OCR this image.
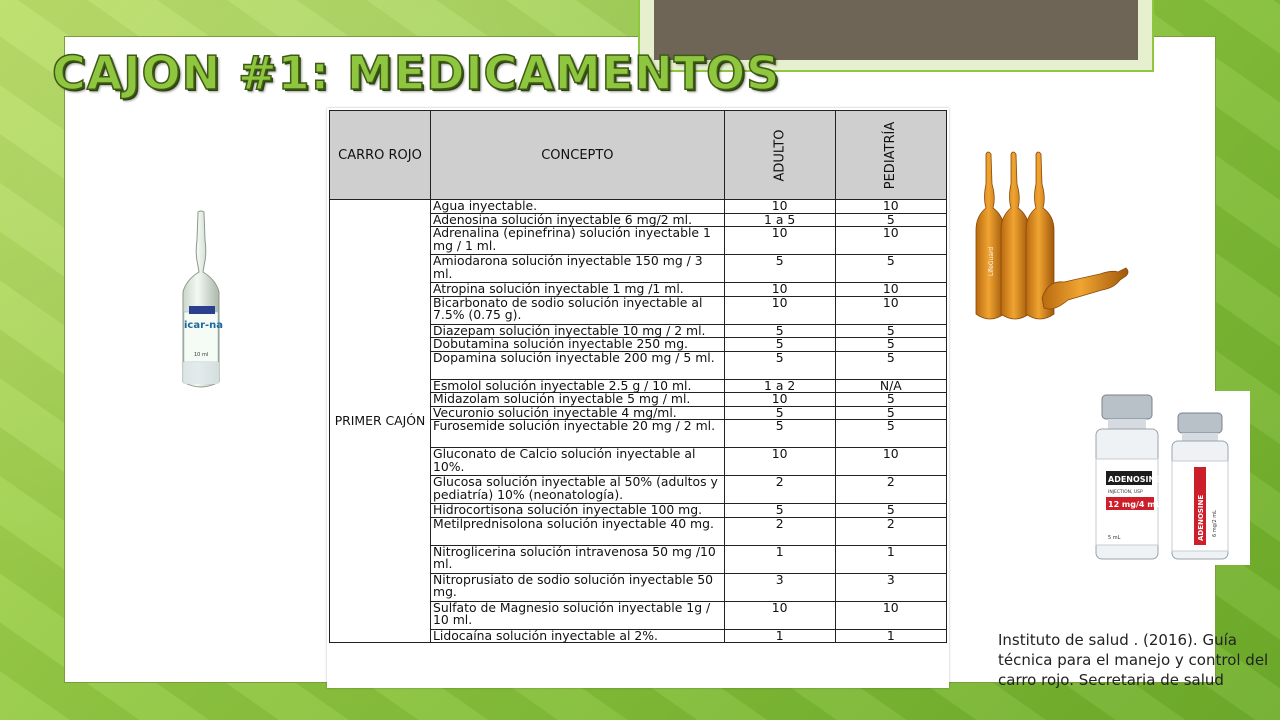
CAJON #1: MEDICAMENTOS
icar-na
10 ml
CARRO ROJO	CONCEPTO	ADULTO	PEDIATRÍA
PRIMER CAJÓN	Agua inyectable.	10	10
	Adenosina solución inyectable 6 mg/2 ml.	1 a 5	5
	Adrenalina (epinefrina) solución inyectable 1 mg / 1 ml.	10	10
	Amiodarona solución inyectable 150 mg / 3 ml.	5	5
	Atropina solución inyectable 1 mg /1 ml.	10	10
	Bicarbonato de sodio solución inyectable al 7.5% (0.75 g).	10	10
	Diazepam solución inyectable 10 mg / 2 ml.	5	5
	Dobutamina solución inyectable 250 mg.	5	5
	Dopamina solución inyectable 200 mg / 5 ml.	5	5
	Esmolol solución inyectable 2.5 g / 10 ml.	1 a 2	N/A
	Midazolam solución inyectable 5 mg / ml.	10	5
	Vecuronio solución inyectable 4 mg/ml.	5	5
	Furosemide solución inyectable 20 mg / 2 ml.	5	5
	Gluconato de Calcio solución inyectable al 10%.	10	10
	Glucosa solución inyectable al 50% (adultos y pediatría) 10% (neonatología).	2	2
	Hidrocortisona solución inyectable 100 mg.	5	5
	Metilprednisolona solución inyectable 40 mg.	2	2
	Nitroglicerina solución intravenosa 50 mg /10 ml.	1	1
	Nitroprusiato de sodio solución inyectable 50 mg.	3	3
	Sulfato de Magnesio solución inyectable 1g / 10 ml.	10	10
	Lidocaína solución inyectable al 2%.	1	1
LifeGuard
ADENOSINE
INJECTION, USP
12 mg/4 mL
5 mL	ADENOSINE 6 mg/2 mL
Instituto de salud . (2016). Guía técnica para el manejo y control del carro rojo. Secretaria de salud
